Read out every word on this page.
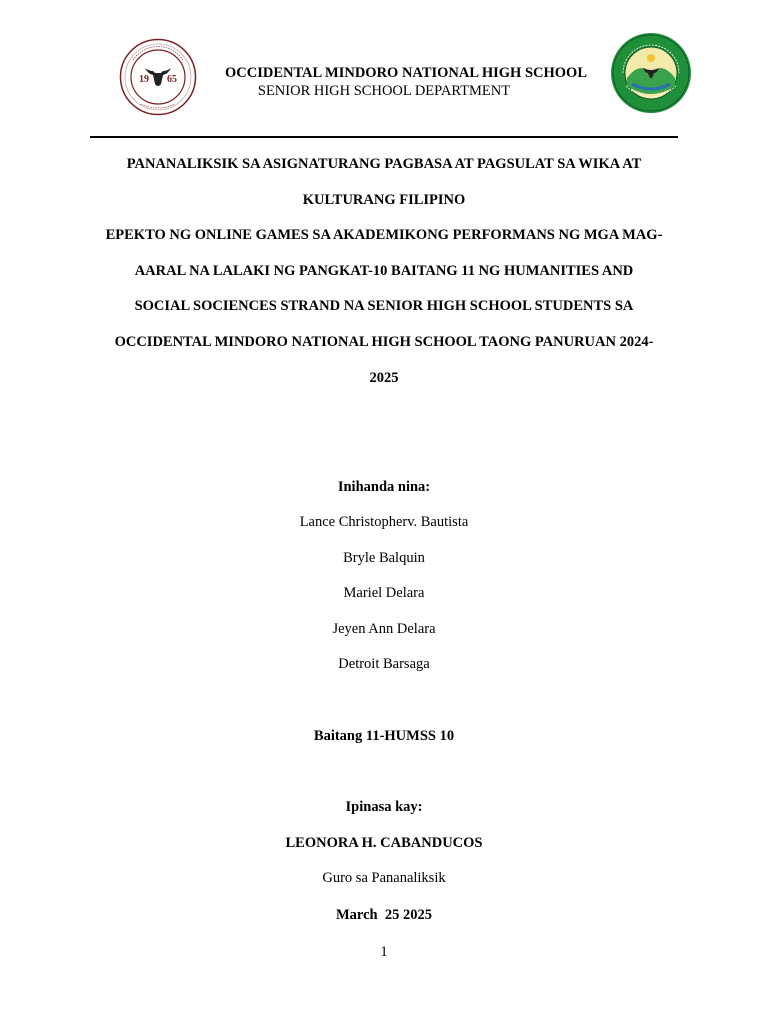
19 65	OCCIDENTAL MINDORO NATIONAL HIGH SCHOOL
SENIOR HIGH SCHOOL DEPARTMENT

PANANALIKSIK SA ASIGNATURANG PAGBASA AT PAGSULAT SA WIKA AT

KULTURANG FILIPINO

EPEKTO NG ONLINE GAMES SA AKADEMIKONG PERFORMANS NG MGA MAG-

AARAL NA LALAKI NG PANGKAT-10 BAITANG 11 NG HUMANITIES AND

SOCIAL SOCIENCES STRAND NA SENIOR HIGH SCHOOL STUDENTS SA

OCCIDENTAL MINDORO NATIONAL HIGH SCHOOL TAONG PANURUAN 2024-

2025

Inihanda nina:
Lance Christopherv. Bautista
Bryle Balquin
Mariel Delara
Jeyen Ann Delara
Detroit Barsaga
Baitang 11-HUMSS 10
Ipinasa kay:
LEONORA H. CABANDUCOS
Guro sa Pananaliksik
March  25 2025
1
